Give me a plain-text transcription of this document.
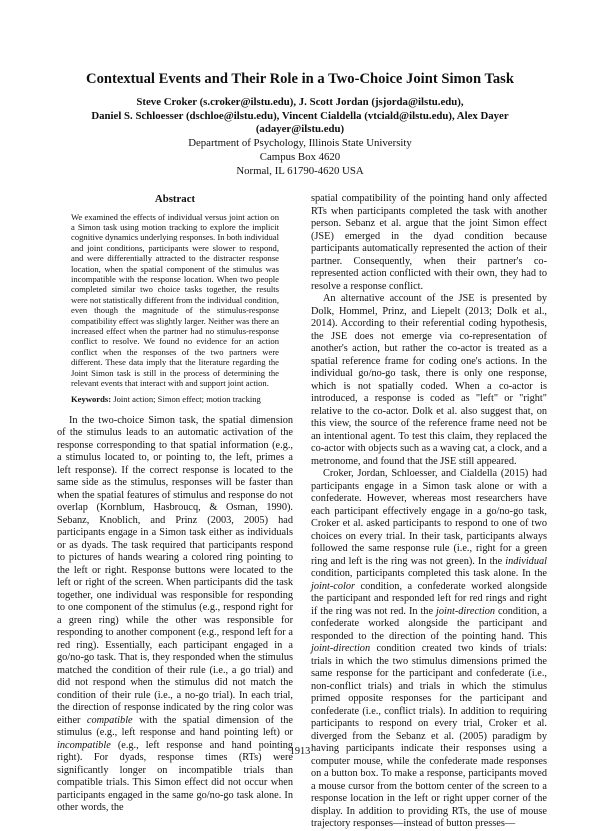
Contextual Events and Their Role in a Two-Choice Joint Simon Task
Steve Croker (s.croker@ilstu.edu), J. Scott Jordan (jsjorda@ilstu.edu),
Daniel S. Schloesser (dschloe@ilstu.edu), Vincent Cialdella (vtciald@ilstu.edu), Alex Dayer
(adayer@ilstu.edu)
Department of Psychology, Illinois State University
Campus Box 4620
Normal, IL 61790-4620 USA
Abstract

We examined the effects of individual versus joint action on a Simon task using motion tracking to explore the implicit cognitive dynamics underlying responses. In both individual and joint conditions, participants were slower to respond, and were differentially attracted to the distracter response location, when the spatial component of the stimulus was incompatible with the response location. When two people completed similar two choice tasks together, the results were not statistically different from the individual condition, even though the magnitude of the stimulus-response compatibility effect was slightly larger. Neither was there an increased effect when the partner had no stimulus-response conflict to resolve. We found no evidence for an action conflict when the responses of the two partners were different. These data imply that the literature regarding the Joint Simon task is still in the process of determining the relevant events that interact with and support joint action.

Keywords: Joint action; Simon effect; motion tracking

In the two-choice Simon task, the spatial dimension of the stimulus leads to an automatic activation of the response corresponding to that spatial information (e.g., a stimulus located to, or pointing to, the left, primes a left response). If the correct response is located to the same side as the stimulus, responses will be faster than when the spatial features of stimulus and response do not overlap (Kornblum, Hasbroucq, & Osman, 1990). Sebanz, Knoblich, and Prinz (2003, 2005) had participants engage in a Simon task either as individuals or as dyads. The task required that participants respond to pictures of hands wearing a colored ring pointing to the left or right. Response buttons were located to the left or right of the screen. When participants did the task together, one individual was responsible for responding to one component of the stimulus (e.g., respond right for a green ring) while the other was responsible for responding to another component (e.g., respond left for a red ring). Essentially, each participant engaged in a go/no-go task. That is, they responded when the stimulus matched the condition of their rule (i.e., a go trial) and did not respond when the stimulus did not match the condition of their rule (i.e., a no-go trial). In each trial, the direction of response indicated by the ring color was either compatible with the spatial dimension of the stimulus (e.g., left response and hand pointing left) or incompatible (e.g., left response and hand pointing right). For dyads, response times (RTs) were significantly longer on incompatible trials than compatible trials. This Simon effect did not occur when participants engaged in the same go/no-go task alone. In other words, the

spatial compatibility of the pointing hand only affected RTs when participants completed the task with another person. Sebanz et al. argue that the joint Simon effect (JSE) emerged in the dyad condition because participants automatically represented the action of their partner. Consequently, when their partner's co-represented action conflicted with their own, they had to resolve a response conflict.

An alternative account of the JSE is presented by Dolk, Hommel, Prinz, and Liepelt (2013; Dolk et al., 2014). According to their referential coding hypothesis, the JSE does not emerge via co-representation of another's action, but rather the co-actor is treated as a spatial reference frame for coding one's actions. In the individual go/no-go task, there is only one response, which is not spatially coded. When a co-actor is introduced, a response is coded as "left" or "right" relative to the co-actor. Dolk et al. also suggest that, on this view, the source of the reference frame need not be an intentional agent. To test this claim, they replaced the co-actor with objects such as a waving cat, a clock, and a metronome, and found that the JSE still appeared.

Croker, Jordan, Schloesser, and Cialdella (2015) had participants engage in a Simon task alone or with a confederate. However, whereas most researchers have each participant effectively engage in a go/no-go task, Croker et al. asked participants to respond to one of two choices on every trial. In their task, participants always followed the same response rule (i.e., right for a green ring and left is the ring was not green). In the individual condition, participants completed this task alone. In the joint-color condition, a confederate worked alongside the participant and responded left for red rings and right if the ring was not red. In the joint-direction condition, a confederate worked alongside the participant and responded to the direction of the pointing hand. This joint-direction condition created two kinds of trials: trials in which the two stimulus dimensions primed the same response for the participant and confederate (i.e., non-conflict trials) and trials in which the stimulus primed opposite responses for the participant and confederate (i.e., conflict trials). In addition to requiring participants to respond on every trial, Croker et al. diverged from the Sebanz et al. (2005) paradigm by having participants indicate their responses using a computer mouse, while the confederate made responses on a button box. To make a response, participants moved a mouse cursor from the bottom center of the screen to a response location in the left or right upper corner of the display. In addition to providing RTs, the use of mouse trajectory responses—instead of button presses—

1913
